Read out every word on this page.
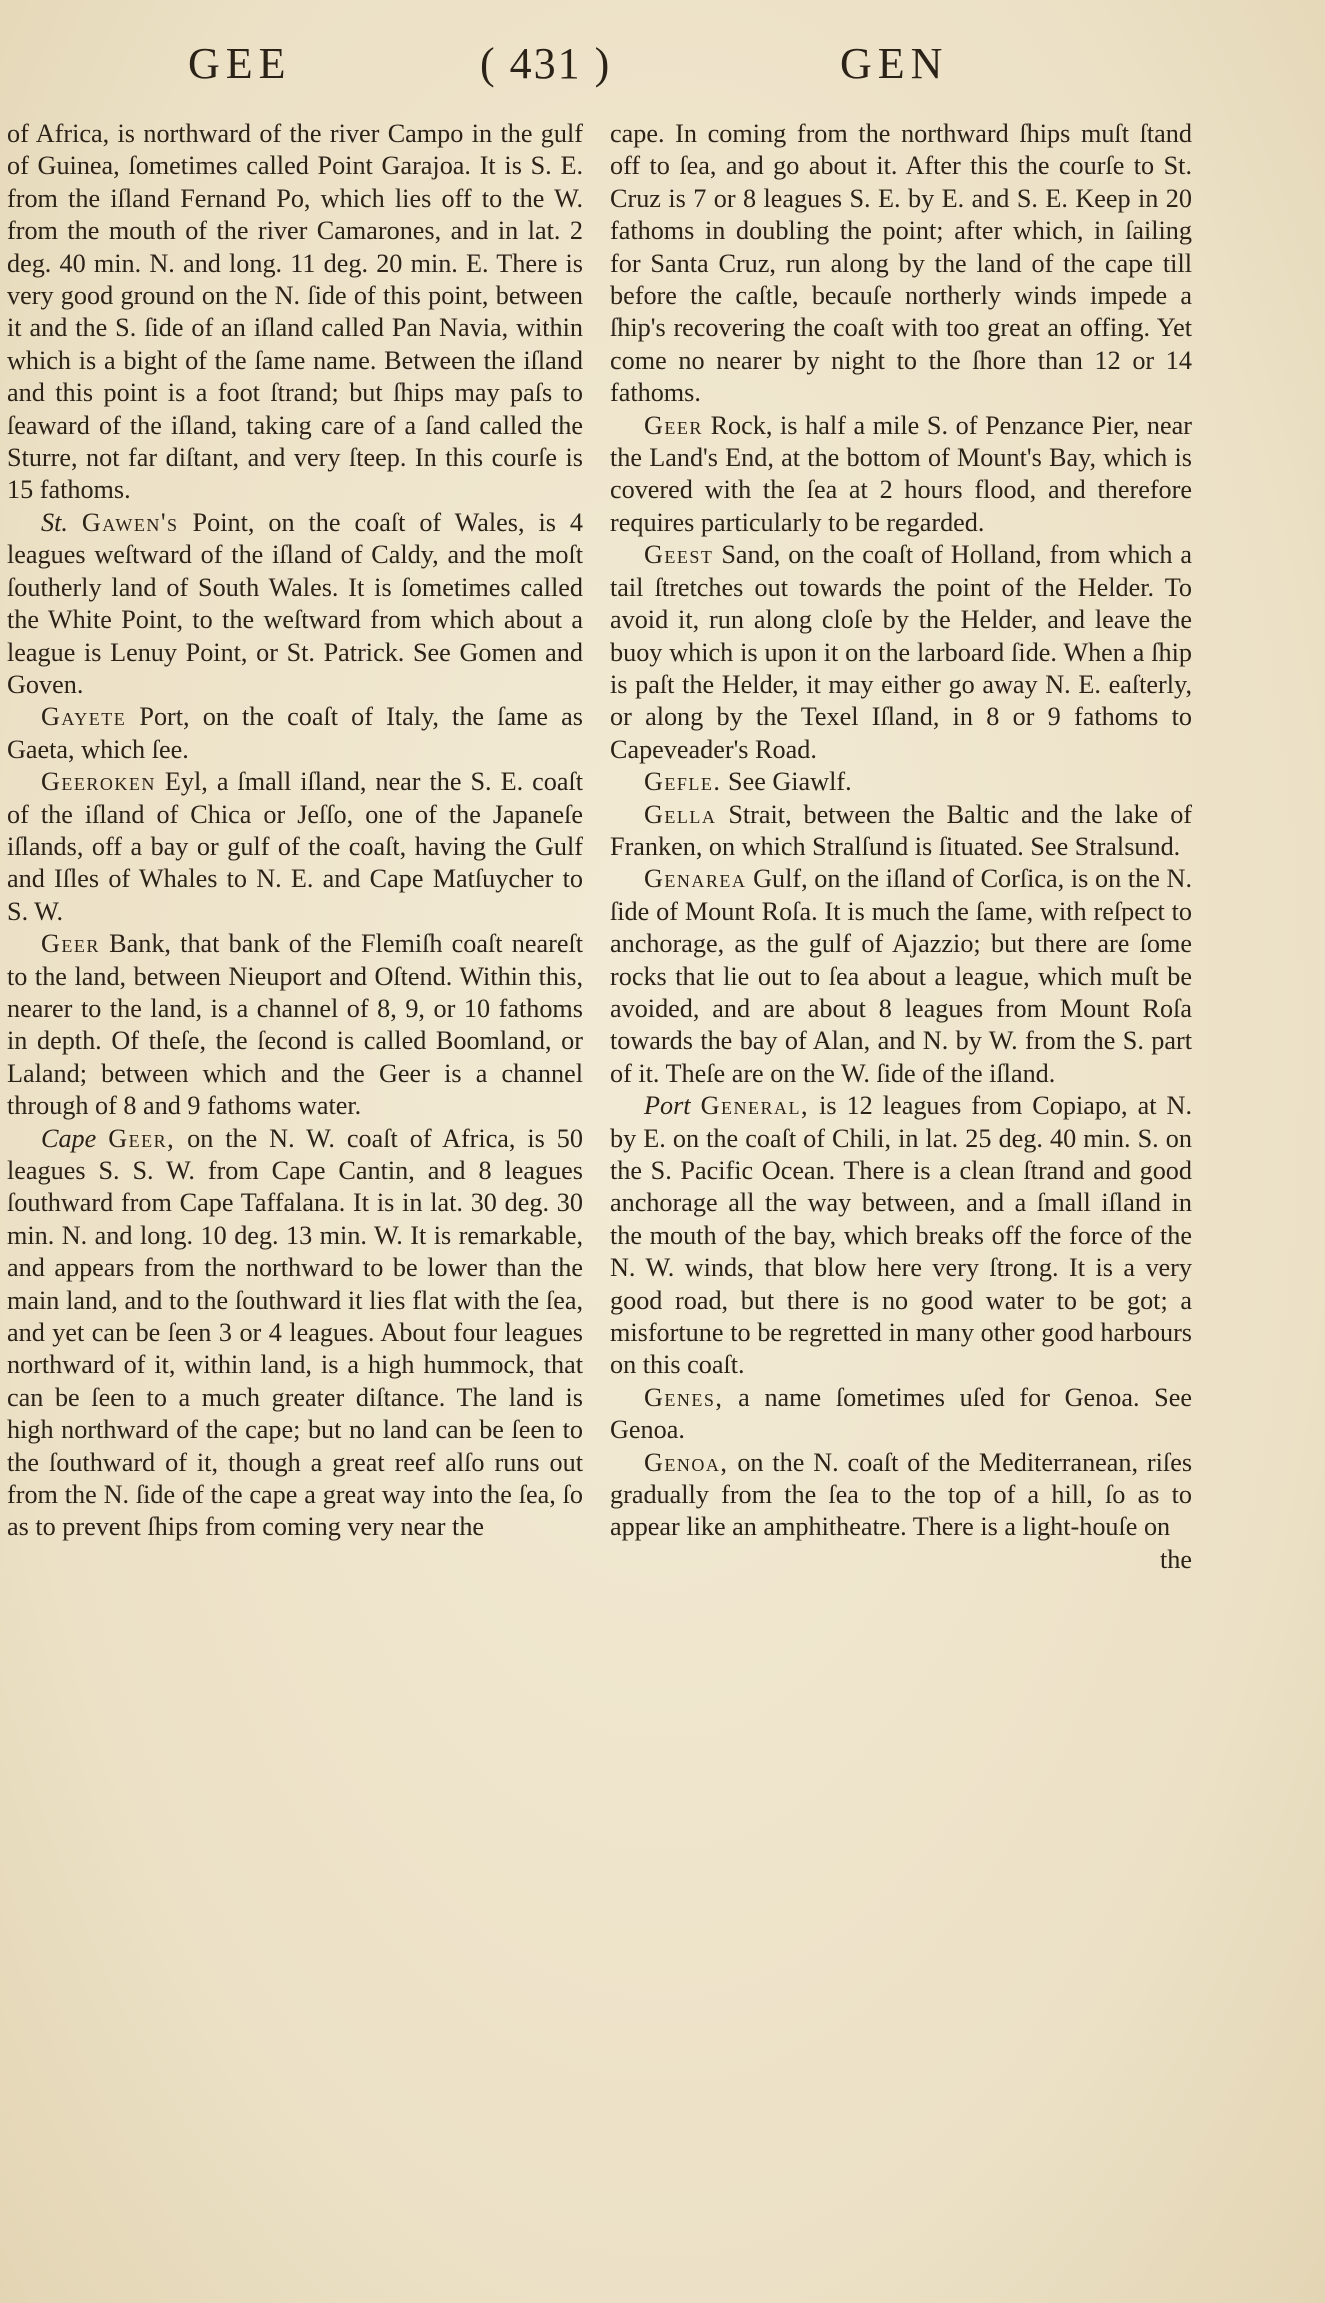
GEE	( 431 )	GEN

of Africa, is northward of the river Campo in the gulf of Guinea, ſometimes called Point Garajoa. It is S. E. from the iſland Fernand Po, which lies off to the W. from the mouth of the river Camarones, and in lat. 2 deg. 40 min. N. and long. 11 deg. 20 min. E. There is very good ground on the N. ſide of this point, between it and the S. ſide of an iſland called Pan Navia, within which is a bight of the ſame name. Between the iſland and this point is a foot ſtrand; but ſhips may paſs to ſeaward of the iſland, taking care of a ſand called the Sturre, not far diſtant, and very ſteep. In this courſe is 15 fathoms.

St. Gawen's Point, on the coaſt of Wales, is 4 leagues weſtward of the iſland of Caldy, and the moſt ſoutherly land of South Wales. It is ſometimes called the White Point, to the weſtward from which about a league is Lenuy Point, or St. Patrick. See Gomen and Goven.

Gayete Port, on the coaſt of Italy, the ſame as Gaeta, which ſee.

Geeroken Eyl, a ſmall iſland, near the S. E. coaſt of the iſland of Chica or Jeſſo, one of the Japaneſe iſlands, off a bay or gulf of the coaſt, having the Gulf and Iſles of Whales to N. E. and Cape Matſuycher to S. W.

Geer Bank, that bank of the Flemiſh coaſt neareſt to the land, between Nieuport and Oſtend. Within this, nearer to the land, is a channel of 8, 9, or 10 fathoms in depth. Of theſe, the ſecond is called Boomland, or Laland; between which and the Geer is a channel through of 8 and 9 fathoms water.

Cape Geer, on the N. W. coaſt of Africa, is 50 leagues S. S. W. from Cape Cantin, and 8 leagues ſouthward from Cape Taffalana. It is in lat. 30 deg. 30 min. N. and long. 10 deg. 13 min. W. It is remarkable, and appears from the northward to be lower than the main land, and to the ſouthward it lies flat with the ſea, and yet can be ſeen 3 or 4 leagues. About four leagues northward of it, within land, is a high hummock, that can be ſeen to a much greater diſtance. The land is high northward of the cape; but no land can be ſeen to the ſouthward of it, though a great reef alſo runs out from the N. ſide of the cape a great way into the ſea, ſo as to prevent ſhips from coming very near the

cape. In coming from the northward ſhips muſt ſtand off to ſea, and go about it. After this the courſe to St. Cruz is 7 or 8 leagues S. E. by E. and S. E. Keep in 20 fathoms in doubling the point; after which, in ſailing for Santa Cruz, run along by the land of the cape till before the caſtle, becauſe northerly winds impede a ſhip's recovering the coaſt with too great an offing. Yet come no nearer by night to the ſhore than 12 or 14 fathoms.

Geer Rock, is half a mile S. of Penzance Pier, near the Land's End, at the bottom of Mount's Bay, which is covered with the ſea at 2 hours flood, and therefore requires particularly to be regarded.

Geest Sand, on the coaſt of Holland, from which a tail ſtretches out towards the point of the Helder. To avoid it, run along cloſe by the Helder, and leave the buoy which is upon it on the larboard ſide. When a ſhip is paſt the Helder, it may either go away N. E. eaſterly, or along by the Texel Iſland, in 8 or 9 fathoms to Capeveader's Road.

Gefle. See Giawlf.

Gella Strait, between the Baltic and the lake of Franken, on which Stralſund is ſituated. See Stralsund.

Genarea Gulf, on the iſland of Corſica, is on the N. ſide of Mount Roſa. It is much the ſame, with reſpect to anchorage, as the gulf of Ajazzio; but there are ſome rocks that lie out to ſea about a league, which muſt be avoided, and are about 8 leagues from Mount Roſa towards the bay of Alan, and N. by W. from the S. part of it. Theſe are on the W. ſide of the iſland.

Port General, is 12 leagues from Copiapo, at N. by E. on the coaſt of Chili, in lat. 25 deg. 40 min. S. on the S. Pacific Ocean. There is a clean ſtrand and good anchorage all the way between, and a ſmall iſland in the mouth of the bay, which breaks off the force of the N. W. winds, that blow here very ſtrong. It is a very good road, but there is no good water to be got; a misfortune to be regretted in many other good harbours on this coaſt.

Genes, a name ſometimes uſed for Genoa. See Genoa.

Genoa, on the N. coaſt of the Mediterranean, riſes gradually from the ſea to the top of a hill, ſo as to appear like an amphitheatre. There is a light-houſe on

the
